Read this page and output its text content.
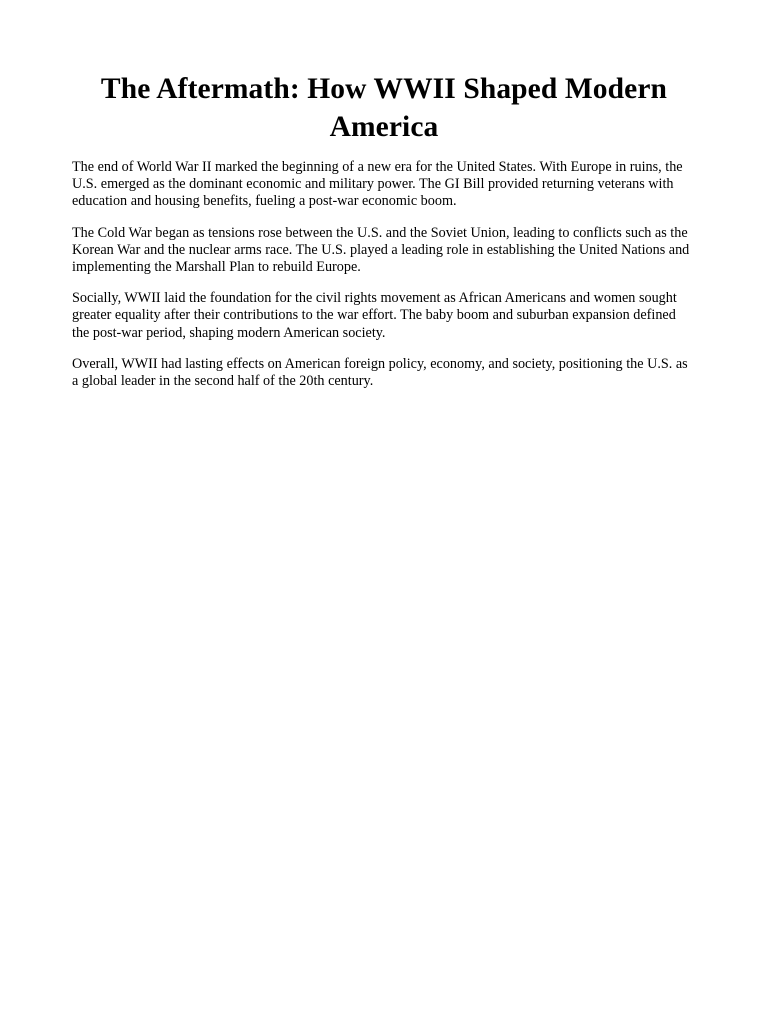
The Aftermath: How WWII Shaped Modern America

The end of World War II marked the beginning of a new era for the United States. With Europe in ruins, the U.S. emerged as the dominant economic and military power. The GI Bill provided returning veterans with education and housing benefits, fueling a post-war economic boom.

The Cold War began as tensions rose between the U.S. and the Soviet Union, leading to conflicts such as the Korean War and the nuclear arms race. The U.S. played a leading role in establishing the United Nations and implementing the Marshall Plan to rebuild Europe.

Socially, WWII laid the foundation for the civil rights movement as African Americans and women sought greater equality after their contributions to the war effort. The baby boom and suburban expansion defined the post-war period, shaping modern American society.

Overall, WWII had lasting effects on American foreign policy, economy, and society, positioning the U.S. as a global leader in the second half of the 20th century.
